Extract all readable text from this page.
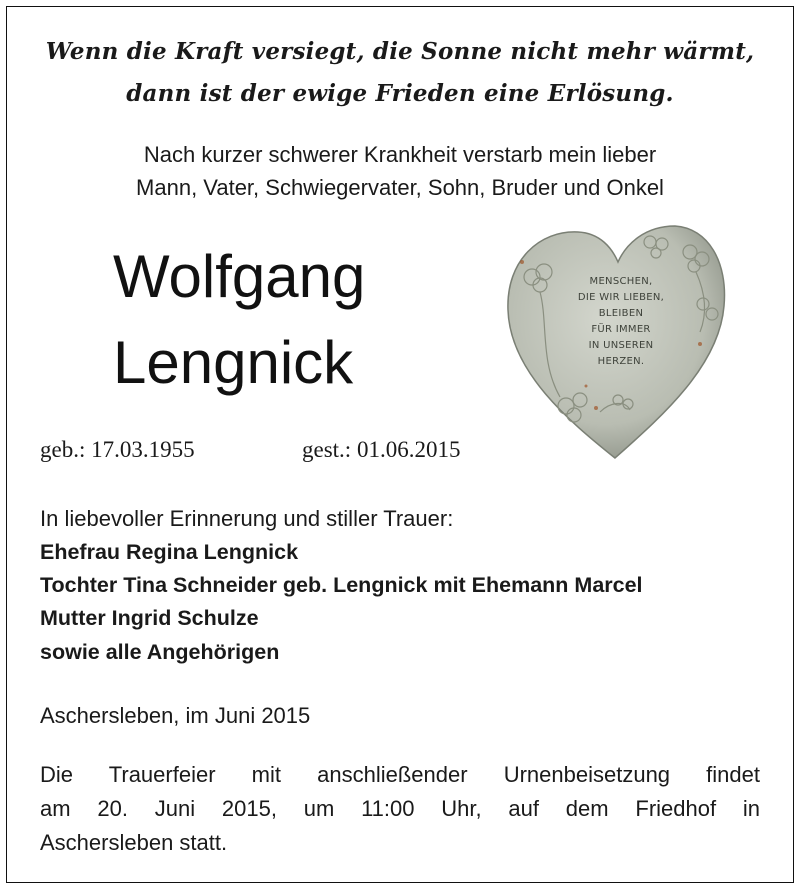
Wenn die Kraft versiegt, die Sonne nicht mehr wärmt,
dann ist der ewige Frieden eine Erlösung.
Nach kurzer schwerer Krankheit verstarb mein lieber
Mann, Vater, Schwiegervater, Sohn, Bruder und Onkel
Wolfgang
Lengnick
MENSCHEN,
DIE WIR LIEBEN,
BLEIBEN
FÜR IMMER
IN UNSEREN
HERZEN.
geb.: 17.03.1955	gest.: 01.06.2015
In liebevoller Erinnerung und stiller Trauer:
Ehefrau Regina Lengnick
Tochter Tina Schneider geb. Lengnick mit Ehemann Marcel
Mutter Ingrid Schulze
sowie alle Angehörigen
Aschersleben, im Juni 2015
Die Trauerfeier mit anschließender Urnenbeisetzung findet
am 20. Juni 2015, um 11:00 Uhr, auf dem Friedhof in
Aschersleben statt.
